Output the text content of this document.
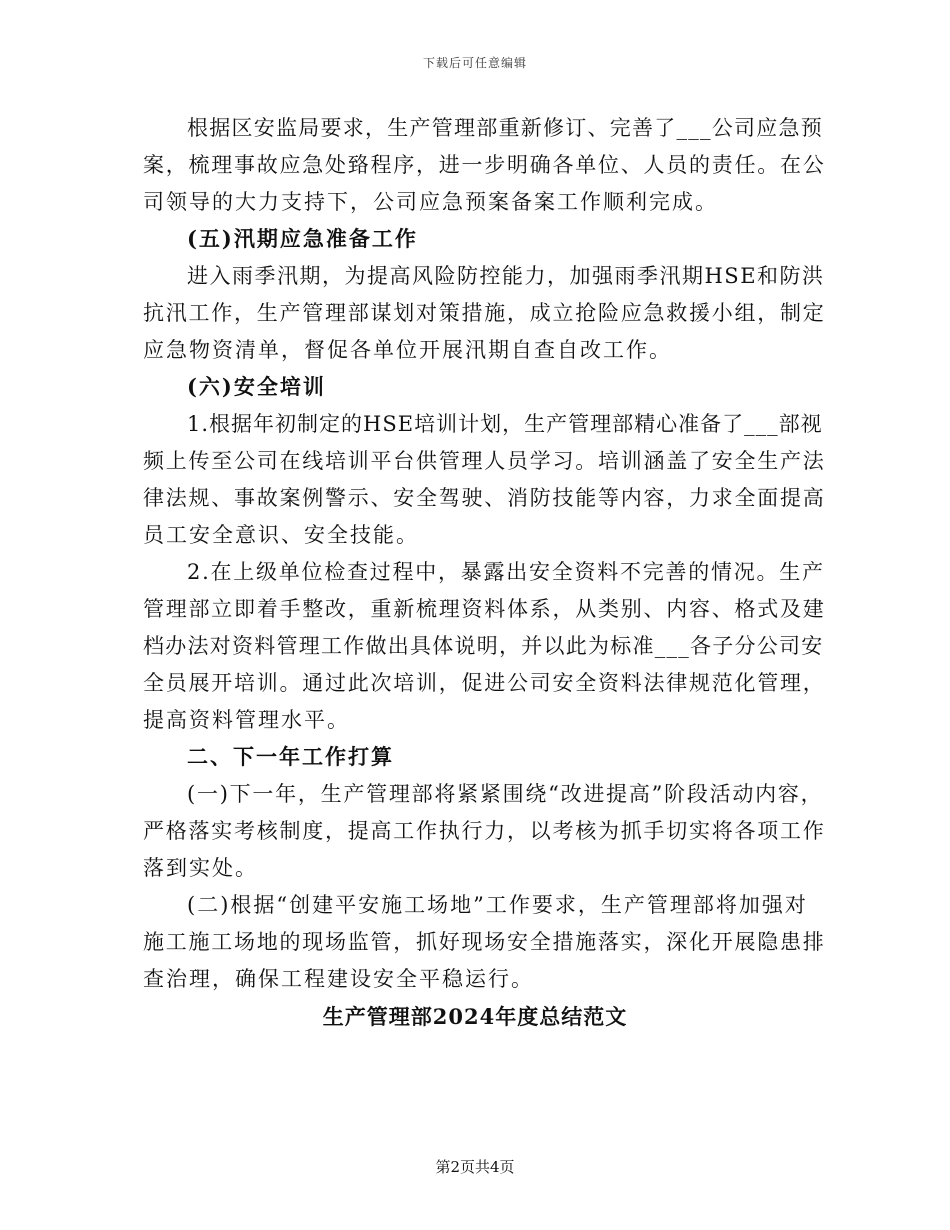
下载后可任意编辑
根据区安监局要求，生产管理部重新修订、完善了___公司应急预
案，梳理事故应急处臵程序，进一步明确各单位、人员的责任。在公
司领导的大力支持下，公司应急预案备案工作顺利完成。
(五)汛期应急准备工作
进入雨季汛期，为提高风险防控能力，加强雨季汛期HSE和防洪
抗汛工作，生产管理部谋划对策措施，成立抢险应急救援小组，制定
应急物资清单，督促各单位开展汛期自查自改工作。
(六)安全培训
1.根据年初制定的HSE培训计划，生产管理部精心准备了___部视
频上传至公司在线培训平台供管理人员学习。培训涵盖了安全生产法
律法规、事故案例警示、安全驾驶、消防技能等内容，力求全面提高
员工安全意识、安全技能。
2.在上级单位检查过程中，暴露出安全资料不完善的情况。生产
管理部立即着手整改，重新梳理资料体系，从类别、内容、格式及建
档办法对资料管理工作做出具体说明，并以此为标准___各子分公司安
全员展开培训。通过此次培训，促进公司安全资料法律规范化管理，
提高资料管理水平。
二、下一年工作打算
(一)下一年，生产管理部将紧紧围绕“改进提高”阶段活动内容，
严格落实考核制度，提高工作执行力，以考核为抓手切实将各项工作
落到实处。
(二)根据“创建平安施工场地”工作要求，生产管理部将加强对
施工施工场地的现场监管，抓好现场安全措施落实，深化开展隐患排
查治理，确保工程建设安全平稳运行。
生产管理部2024年度总结范文
第2页共4页
